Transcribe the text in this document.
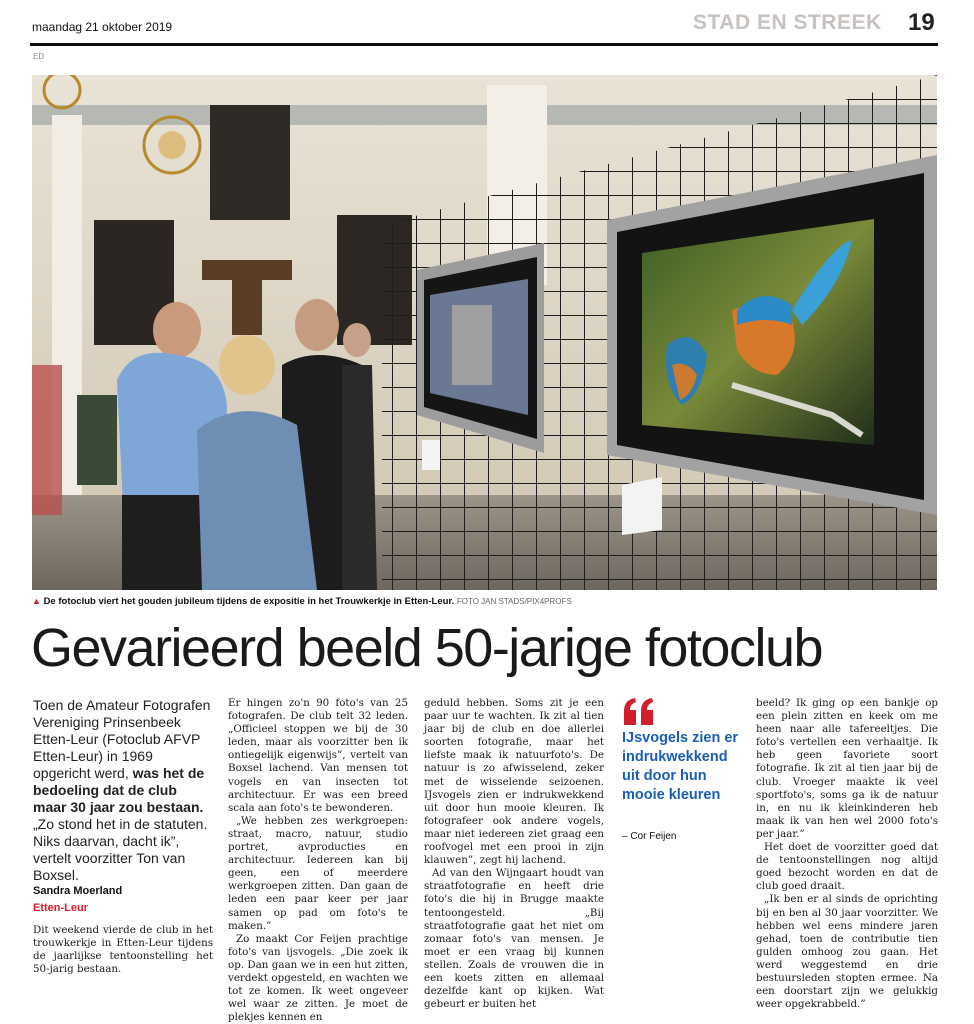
maandag 21 oktober 2019	STAD EN STREEK 19
ED
▲ De fotoclub viert het gouden jubileum tijdens de expositie in het Trouwkerkje in Etten-Leur. FOTO JAN STADS/PIX4PROFS
Gevarieerd beeld 50-jarige fotoclub
Toen de Amateur Fotografen Vereniging Prinsenbeek Etten-Leur (Fotoclub AFVP Etten-Leur) in 1969 opgericht werd, was het de bedoeling dat de club maar 30 jaar zou bestaan. „Zo stond het in de statuten. Niks daarvan, dacht ik”, vertelt voorzitter Ton van Boxsel.
Sandra Moerland
Etten-Leur

Dit weekend vierde de club in het trouwkerkje in Etten-Leur tijdens de jaarlijkse tentoonstelling het 50-jarig bestaan.

Er hingen zo'n 90 foto's van 25 fotografen. De club telt 32 leden. „Officieel stoppen we bij de 30 leden, maar als voorzitter ben ik ontiegelijk eigenwijs”, vertelt van Boxsel lachend. Van mensen tot vogels en van insecten tot architectuur. Er was een breed scala aan foto's te bewonderen.

„We hebben zes werkgroepen: straat, macro, natuur, studio portret, avproducties en architectuur. Iedereen kan bij geen, een of meerdere werkgroepen zitten. Dan gaan de leden een paar keer per jaar samen op pad om foto's te maken.”

Zo maakt Cor Feijen prachtige foto's van ijsvogels. „Die zoek ik op. Dan gaan we in een hut zitten, verdekt opgesteld, en wachten we tot ze komen. Ik weet ongeveer wel waar ze zitten. Je moet de plekjes kennen en

geduld hebben. Soms zit je een paar uur te wachten. Ik zit al tien jaar bij de club en doe allerlei soorten fotografie, maar het liefste maak ik natuurfoto's. De natuur is zo afwisselend, zeker met de wisselende seizoenen. IJsvogels zien er indrukwekkend uit door hun mooie kleuren. Ik fotografeer ook andere vogels, maar niet iedereen ziet graag een roofvogel met een prooi in zijn klauwen”, zegt hij lachend.

Ad van den Wijngaart houdt van straatfotografie en heeft drie foto's die hij in Brugge maakte tentoongesteld. „Bij straatfotografie gaat het niet om zomaar foto's van mensen. Je moet er een vraag bij kunnen stellen. Zoals de vrouwen die in een koets zitten en allemaal dezelfde kant op kijken. Wat gebeurt er buiten het

IJsvogels zien er indrukwekkend uit door hun mooie kleuren
– Cor Feijen

beeld? Ik ging op een bankje op een plein zitten en keek om me heen naar alle tafereeltjes. Die foto's vertellen een verhaaltje. Ik heb geen favoriete soort fotografie. Ik zit al tien jaar bij de club. Vroeger maakte ik veel sportfoto's, soms ga ik de natuur in, en nu ik kleinkinderen heb maak ik van hen wel 2000 foto's per jaar.”

Het doet de voorzitter goed dat de tentoonstellingen nog altijd goed bezocht worden en dat de club goed draait.

„Ik ben er al sinds de oprichting bij en ben al 30 jaar voorzitter. We hebben wel eens mindere jaren gehad, toen de contributie tien gulden omhoog zou gaan. Het werd weggestemd en drie bestuursleden stopten ermee. Na een doorstart zijn we gelukkig weer opgekrabbeld.”
